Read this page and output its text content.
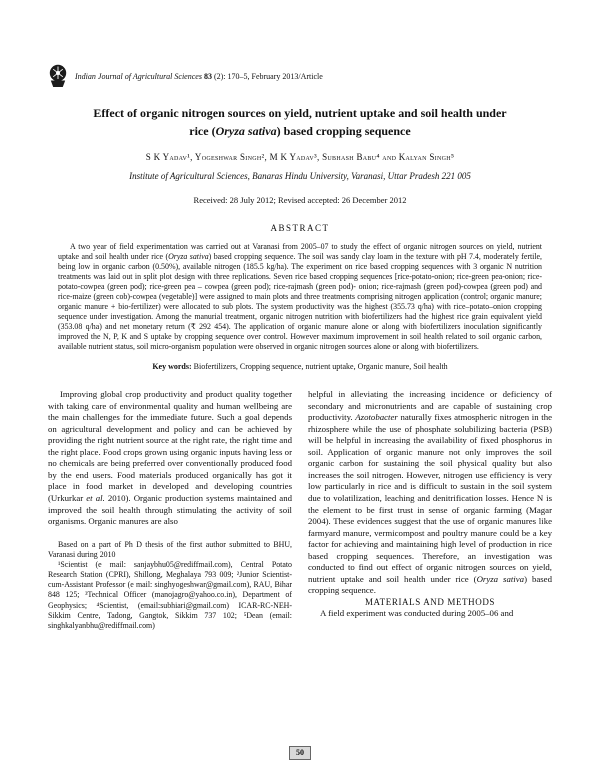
Indian Journal of Agricultural Sciences 83 (2): 170–5, February 2013/Article
Effect of organic nitrogen sources on yield, nutrient uptake and soil health under
rice (Oryza sativa) based cropping sequence
S K Yadav¹, Yogeshwar Singh², M K Yadav³, Subhash Babu⁴ and Kalyan Singh⁵
Institute of Agricultural Sciences, Banaras Hindu University, Varanasi, Uttar Pradesh 221 005
Received: 28 July 2012; Revised accepted: 26 December 2012
ABSTRACT

A two year of field experimentation was carried out at Varanasi from 2005–07 to study the effect of organic nitrogen sources on yield, nutrient uptake and soil health under rice (Oryza sativa) based cropping sequence. The soil was sandy clay loam in the texture with pH 7.4, moderately fertile, being low in organic carbon (0.50%), available nitrogen (185.5 kg/ha). The experiment on rice based cropping sequences with 3 organic N nutrition treatments was laid out in split plot design with three replications. Seven rice based cropping sequences [rice-potato-onion; rice-green pea-onion; rice-potato-cowpea (green pod); rice-green pea – cowpea (green pod); rice-rajmash (green pod)- onion; rice-rajmash (green pod)-cowpea (green pod) and rice-maize (green cob)-cowpea (vegetable)] were assigned to main plots and three treatments comprising nitrogen application (control; organic manure; organic manure + bio-fertilizer) were allocated to sub plots. The system productivity was the highest (355.73 q/ha) with rice–potato–onion cropping sequence under investigation. Among the manurial treatment, organic nitrogen nutrition with biofertilizers had the highest rice grain equivalent yield (353.08 q/ha) and net monetary return (₹ 292 454). The application of organic manure alone or along with biofertilizers inoculation significantly improved the N, P, K and S uptake by cropping sequence over control. However maximum improvement in soil health related to soil organic carbon, available nutrient status, soil micro-organism population were observed in organic nitrogen sources alone or along with biofertilizers.

Key words: Biofertilizers, Cropping sequence, nutrient uptake, Organic manure, Soil health

Improving global crop productivity and product quality together with taking care of environmental quality and human wellbeing are the main challenges for the immediate future. Such a goal depends on agricultural development and policy and can be achieved by providing the right nutrient source at the right rate, the right time and the right place. Food crops grown using organic inputs having less or no chemicals are being preferred over conventionally produced food by the end users. Food materials produced organically has got it place in food market in developed and developing countries (Urkurkar et al. 2010). Organic production systems maintained and improved the soil health through stimulating the activity of soil organisms. Organic manures are also

Based on a part of Ph D thesis of the first author submitted to BHU, Varanasi during 2010

¹Scientist (e mail: sanjaybhu05@rediffmail.com), Central Potato Research Station (CPRI), Shillong, Meghalaya 793 009; ²Junior Scientist-cum-Assistant Professor (e mail: singhyogeshwar@gmail.com), RAU, Bihar 848 125; ³Technical Officer (manojagro@yahoo.co.in), Department of Geophysics; ⁴Scientist, (email:subhiari@gmail.com) ICAR-RC-NEH-Sikkim Centre, Tadong, Gangtok, Sikkim 737 102; ⁵Dean (email: singhkalyanbhu@rediffmail.com)

helpful in alleviating the increasing incidence or deficiency of secondary and micronutrients and are capable of sustaining crop productivity. Azotobacter naturally fixes atmospheric nitrogen in the rhizosphere while the use of phosphate solubilizing bacteria (PSB) will be helpful in increasing the availability of fixed phosphorus in soil. Application of organic manure not only improves the soil organic carbon for sustaining the soil physical quality but also increases the soil nitrogen. However, nitrogen use efficiency is very low particularly in rice and is difficult to sustain in the soil system due to volatilization, leaching and denitrification losses. Hence N is the element to be first trust in sense of organic farming (Magar 2004). These evidences suggest that the use of organic manures like farmyard manure, vermicompost and poultry manure could be a key factor for achieving and maintaining high level of production in rice based cropping sequences. Therefore, an investigation was conducted to find out effect of organic nitrogen sources on yield, nutrient uptake and soil health under rice (Oryza sativa) based cropping sequence.

MATERIALS AND METHODS

A field experiment was conducted during 2005–06 and

50
